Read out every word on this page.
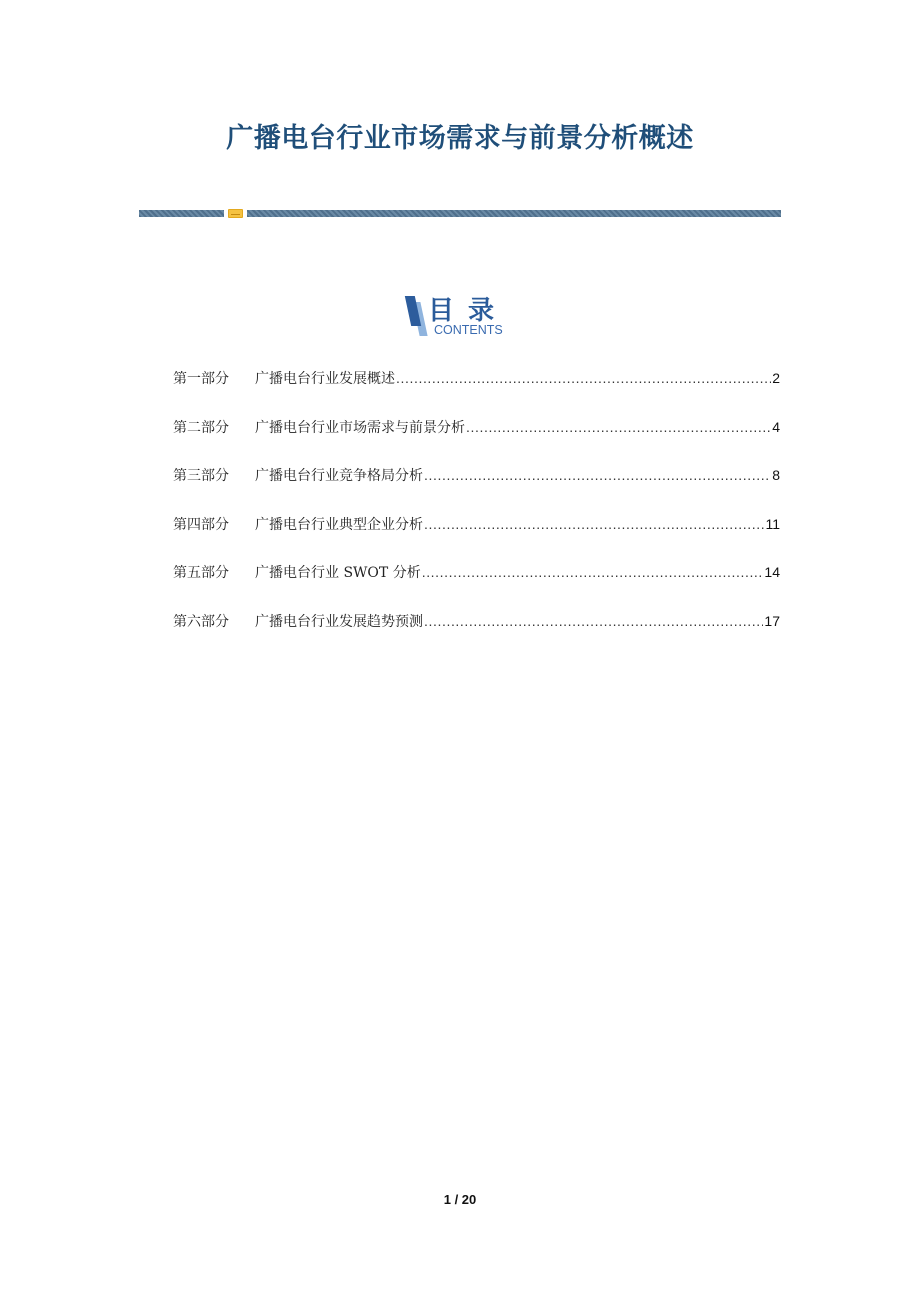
广播电台行业市场需求与前景分析概述
目录
CONTENTS
第一部分	广播电台行业发展概述 .....	2
第二部分	广播电台行业市场需求与前景分析 .....	4
第三部分	广播电台行业竞争格局分析 .....	8
第四部分	广播电台行业典型企业分析 .....	11
第五部分	广播电台行业 SWOT 分析 .....	14
第六部分	广播电台行业发展趋势预测 .....	17
1 / 20
